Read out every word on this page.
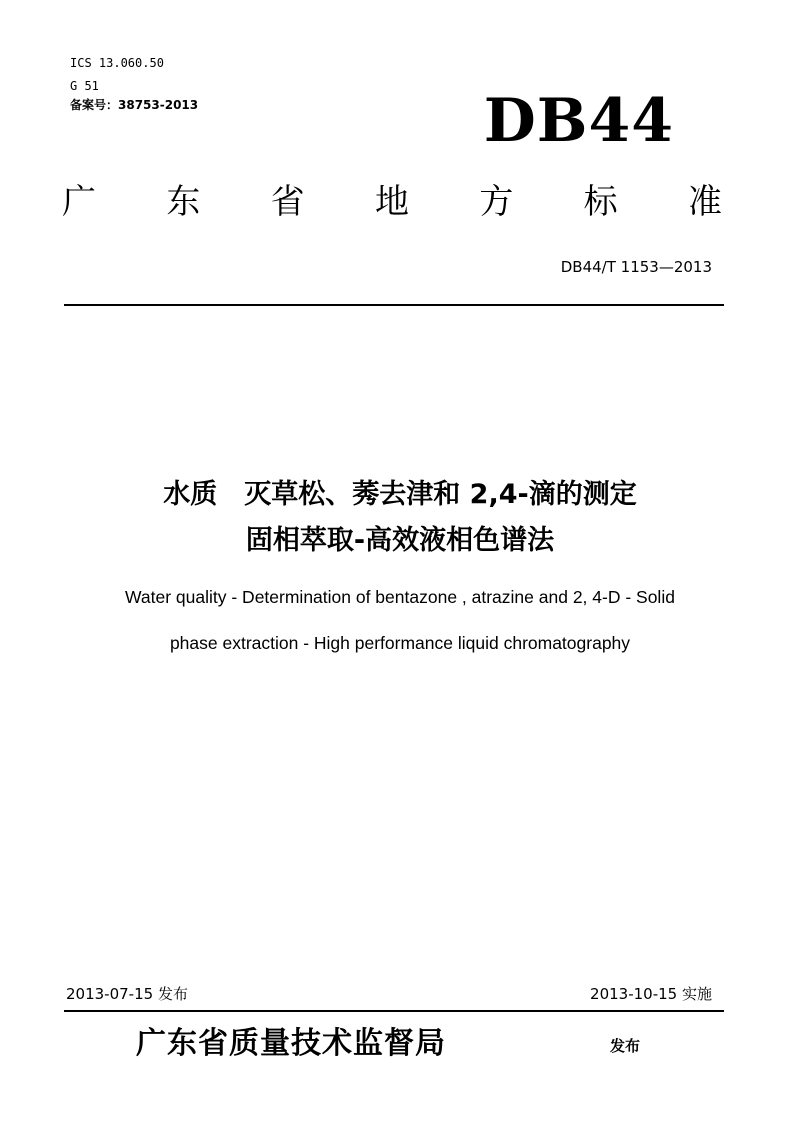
ICS 13.060.50
G 51
备案号：38753-2013	DB44
广 东 省 地 方 标 准
DB44/T 1153—2013
水质　灭草松、莠去津和 2,4-滴的测定
固相萃取-高效液相色谱法
Water quality - Determination of bentazone , atrazine and 2, 4-D - Solid
phase extraction - High performance liquid chromatography
2013-07-15 发布	2013-10-15 实施
广东省质量技术监督局	发布
